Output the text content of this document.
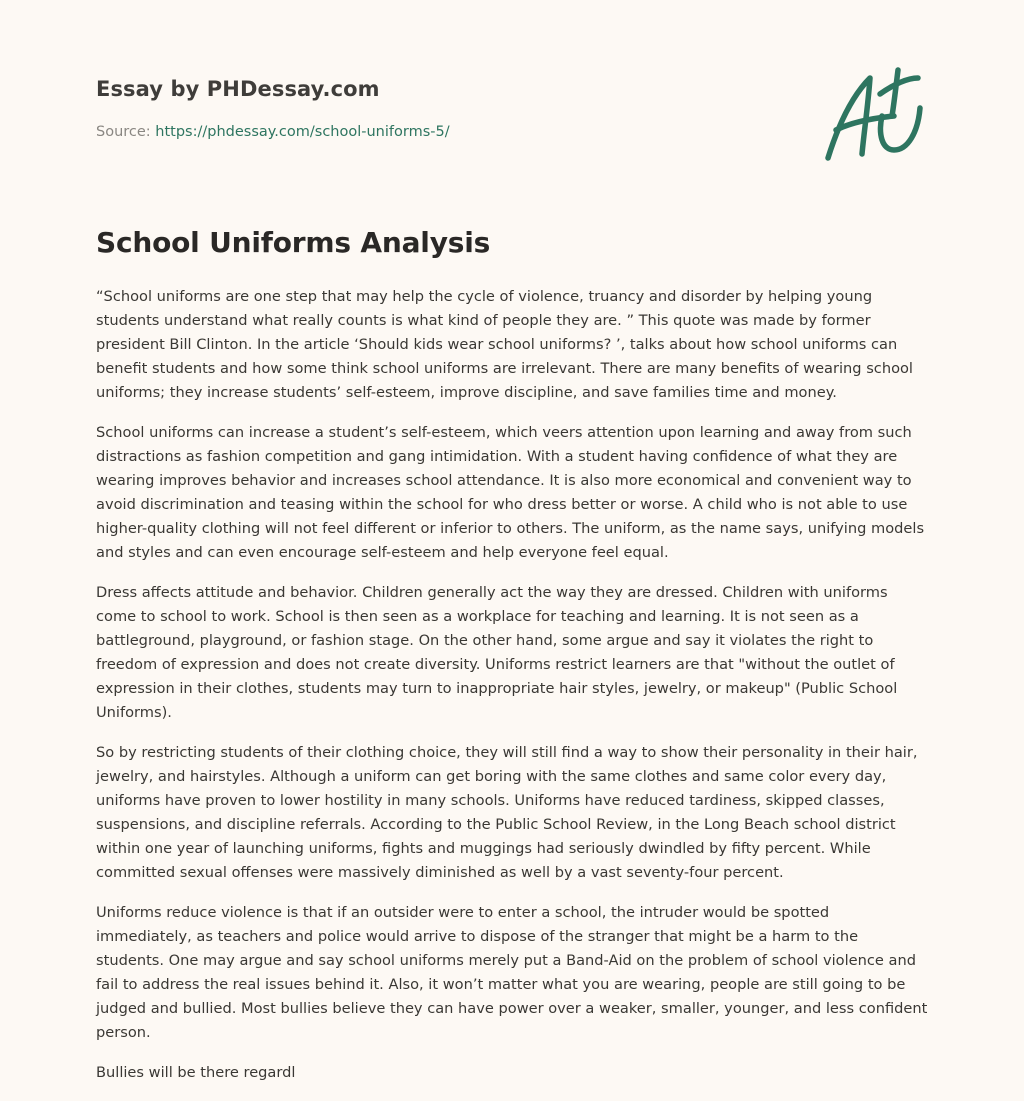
Essay by PHDessay.com
Source: https://phdessay.com/school-uniforms-5/
School Uniforms Analysis

“School uniforms are one step that may help the cycle of violence, truancy and disorder by helping young students understand what really counts is what kind of people they are. ” This quote was made by former president Bill Clinton. In the article ‘Should kids wear school uniforms? ’, talks about how school uniforms can benefit students and how some think school uniforms are irrelevant. There are many benefits of wearing school uniforms; they increase students’ self-esteem, improve discipline, and save families time and money.

School uniforms can increase a student’s self-esteem, which veers attention upon learning and away from such distractions as fashion competition and gang intimidation. With a student having confidence of what they are wearing improves behavior and increases school attendance. It is also more economical and convenient way to avoid discrimination and teasing within the school for who dress better or worse. A child who is not able to use higher-quality clothing will not feel different or inferior to others. The uniform, as the name says, unifying models and styles and can even encourage self-esteem and help everyone feel equal.

Dress affects attitude and behavior. Children generally act the way they are dressed. Children with uniforms come to school to work. School is then seen as a workplace for teaching and learning. It is not seen as a battleground, playground, or fashion stage. On the other hand, some argue and say it violates the right to freedom of expression and does not create diversity. Uniforms restrict learners are that "without the outlet of expression in their clothes, students may turn to inappropriate hair styles, jewelry, or makeup" (Public School Uniforms).

So by restricting students of their clothing choice, they will still find a way to show their personality in their hair, jewelry, and hairstyles. Although a uniform can get boring with the same clothes and same color every day, uniforms have proven to lower hostility in many schools. Uniforms have reduced tardiness, skipped classes, suspensions, and discipline referrals. According to the Public School Review, in the Long Beach school district within one year of launching uniforms, fights and muggings had seriously dwindled by fifty percent. While committed sexual offenses were massively diminished as well by a vast seventy-four percent.

Uniforms reduce violence is that if an outsider were to enter a school, the intruder would be spotted immediately, as teachers and police would arrive to dispose of the stranger that might be a harm to the students. One may argue and say school uniforms merely put a Band-Aid on the problem of school violence and fail to address the real issues behind it. Also, it won’t matter what you are wearing, people are still going to be judged and bullied. Most bullies believe they can have power over a weaker, smaller, younger, and less confident person.

Bullies will be there regardl
